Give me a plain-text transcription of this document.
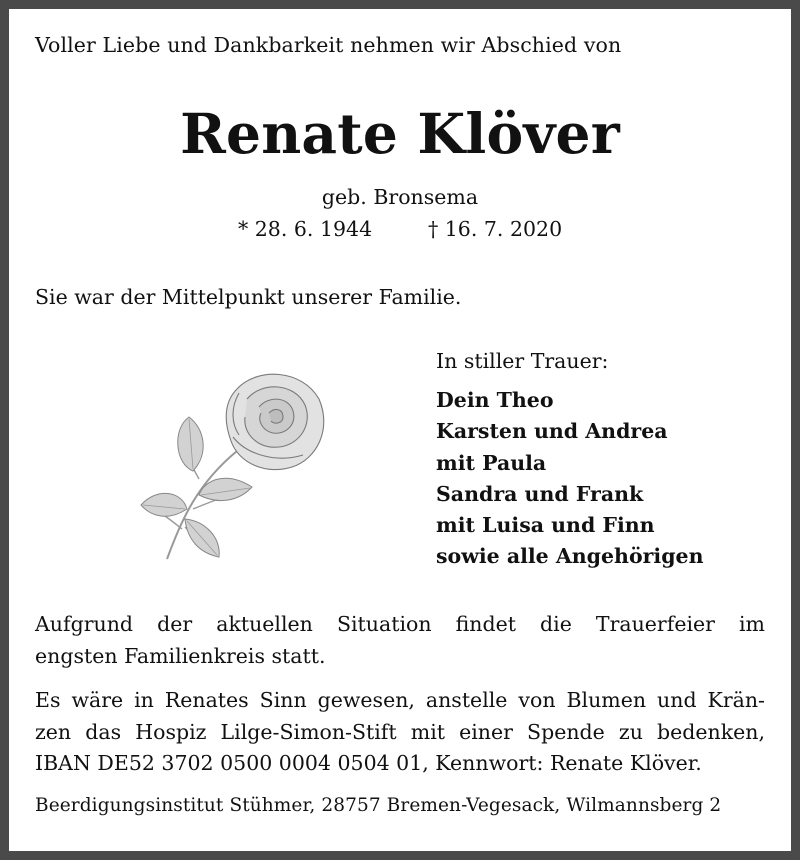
Voller Liebe und Dankbarkeit nehmen wir Abschied von
Renate Klöver
geb. Bronsema
* 28. 6. 1944	† 16. 7. 2020
Sie war der Mittelpunkt unserer Familie.
In stiller Trauer:
Dein Theo
Karsten und Andrea
mit Paula
Sandra und Frank
mit Luisa und Finn
sowie alle Angehörigen
Aufgrund der aktuellen Situation findet die Trauerfeier im
engsten Familienkreis statt.
Es wäre in Renates Sinn gewesen, anstelle von Blumen und Krän-
zen das Hospiz Lilge-Simon-Stift mit einer Spende zu bedenken,
IBAN DE52 3702 0500 0004 0504 01, Kennwort: Renate Klöver.
Beerdigungsinstitut Stühmer, 28757 Bremen-Vegesack, Wilmannsberg 2
